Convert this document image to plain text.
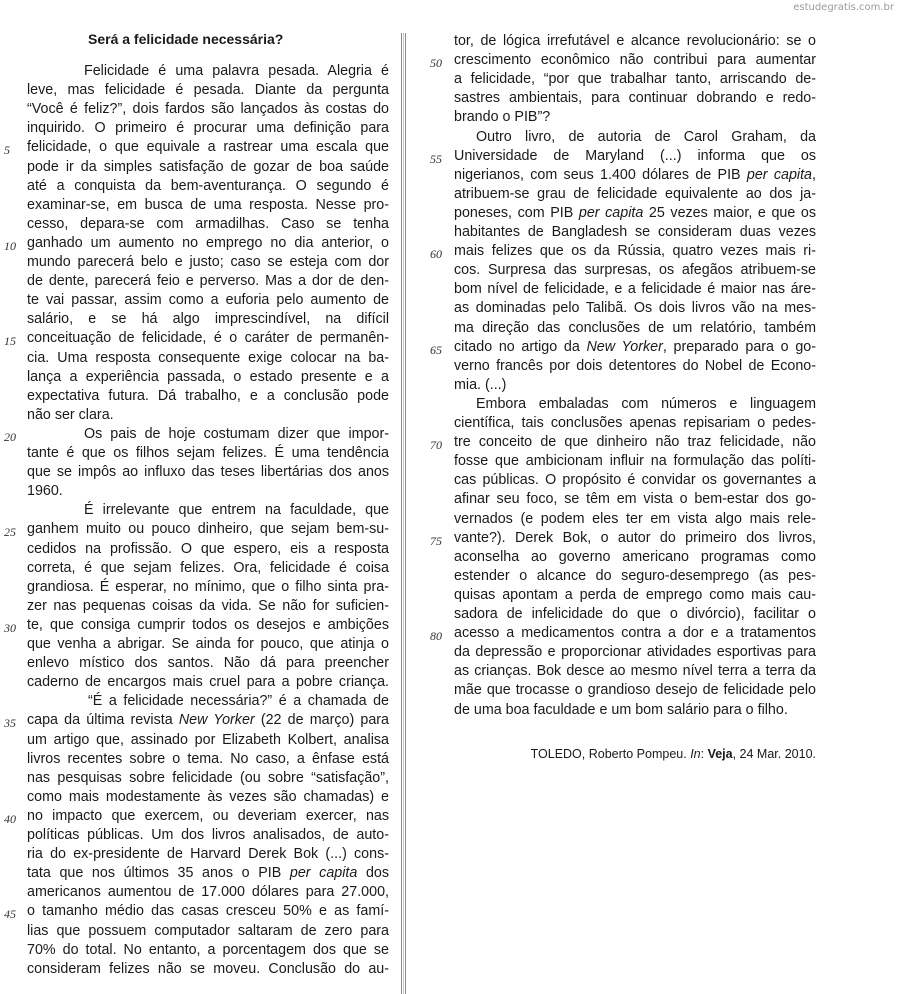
estudegratis.com.br
Será a felicidade necessária?
Felicidade é uma palavra pesada. Alegria é
leve, mas felicidade é pesada. Diante da pergunta
“Você é feliz?”, dois fardos são lançados às costas do
inquirido. O primeiro é procurar uma definição para
felicidade, o que equivale a rastrear uma escala que
5
pode ir da simples satisfação de gozar de boa saúde
até a conquista da bem-aventurança. O segundo é
examinar-se, em busca de uma resposta. Nesse pro-
cesso, depara-se com armadilhas. Caso se tenha
ganhado um aumento no emprego no dia anterior, o
10
mundo parecerá belo e justo; caso se esteja com dor
de dente, parecerá feio e perverso. Mas a dor de den-
te vai passar, assim como a euforia pelo aumento de
salário, e se há algo imprescindível, na difícil
conceituação de felicidade, é o caráter de permanên-
15
cia. Uma resposta consequente exige colocar na ba-
lança a experiência passada, o estado presente e a
expectativa futura. Dá trabalho, e a conclusão pode
não ser clara.
Os pais de hoje costumam dizer que impor-
20
tante é que os filhos sejam felizes. É uma tendência
que se impôs ao influxo das teses libertárias dos anos
1960.
É irrelevante que entrem na faculdade, que
ganhem muito ou pouco dinheiro, que sejam bem-su-
25
cedidos na profissão. O que espero, eis a resposta
correta, é que sejam felizes. Ora, felicidade é coisa
grandiosa. É esperar, no mínimo, que o filho sinta pra-
zer nas pequenas coisas da vida. Se não for suficien-
te, que consiga cumprir todos os desejos e ambições
30
que venha a abrigar. Se ainda for pouco, que atinja o
enlevo místico dos santos. Não dá para preencher
caderno de encargos mais cruel para a pobre criança.
“É a felicidade necessária?” é a chamada de
capa da última revista New Yorker (22 de março) para
35
um artigo que, assinado por Elizabeth Kolbert, analisa
livros recentes sobre o tema. No caso, a ênfase está
nas pesquisas sobre felicidade (ou sobre “satisfação”,
como mais modestamente às vezes são chamadas) e
no impacto que exercem, ou deveriam exercer, nas
40
políticas públicas. Um dos livros analisados, de auto-
ria do ex-presidente de Harvard Derek Bok (...) cons-
tata que nos últimos 35 anos o PIB per capita dos
americanos aumentou de 17.000 dólares para 27.000,
o tamanho médio das casas cresceu 50% e as famí-
45
lias que possuem computador saltaram de zero para
70% do total. No entanto, a porcentagem dos que se
consideram felizes não se moveu. Conclusão do au-
tor, de lógica irrefutável e alcance revolucionário: se o
crescimento econômico não contribui para aumentar
50
a felicidade, “por que trabalhar tanto, arriscando de-
sastres ambientais, para continuar dobrando e redo-
brando o PIB”?
Outro livro, de autoria de Carol Graham, da
Universidade de Maryland (...) informa que os
55
nigerianos, com seus 1.400 dólares de PIB per capita,
atribuem-se grau de felicidade equivalente ao dos ja-
poneses, com PIB per capita 25 vezes maior, e que os
habitantes de Bangladesh se consideram duas vezes
mais felizes que os da Rússia, quatro vezes mais ri-
60
cos. Surpresa das surpresas, os afegãos atribuem-se
bom nível de felicidade, e a felicidade é maior nas áre-
as dominadas pelo Talibã. Os dois livros vão na mes-
ma direção das conclusões de um relatório, também
citado no artigo da New Yorker, preparado para o go-
65
verno francês por dois detentores do Nobel de Econo-
mia. (...)
Embora embaladas com números e linguagem
científica, tais conclusões apenas repisariam o pedes-
tre conceito de que dinheiro não traz felicidade, não
70
fosse que ambicionam influir na formulação das políti-
cas públicas. O propósito é convidar os governantes a
afinar seu foco, se têm em vista o bem-estar dos go-
vernados (e podem eles ter em vista algo mais rele-
vante?). Derek Bok, o autor do primeiro dos livros,
75
aconselha ao governo americano programas como
estender o alcance do seguro-desemprego (as pes-
quisas apontam a perda de emprego como mais cau-
sadora de infelicidade do que o divórcio), facilitar o
acesso a medicamentos contra a dor e a tratamentos
80
da depressão e proporcionar atividades esportivas para
as crianças. Bok desce ao mesmo nível terra a terra da
mãe que trocasse o grandioso desejo de felicidade pelo
de uma boa faculdade e um bom salário para o filho.
TOLEDO, Roberto Pompeu. In: Veja, 24 Mar. 2010.
